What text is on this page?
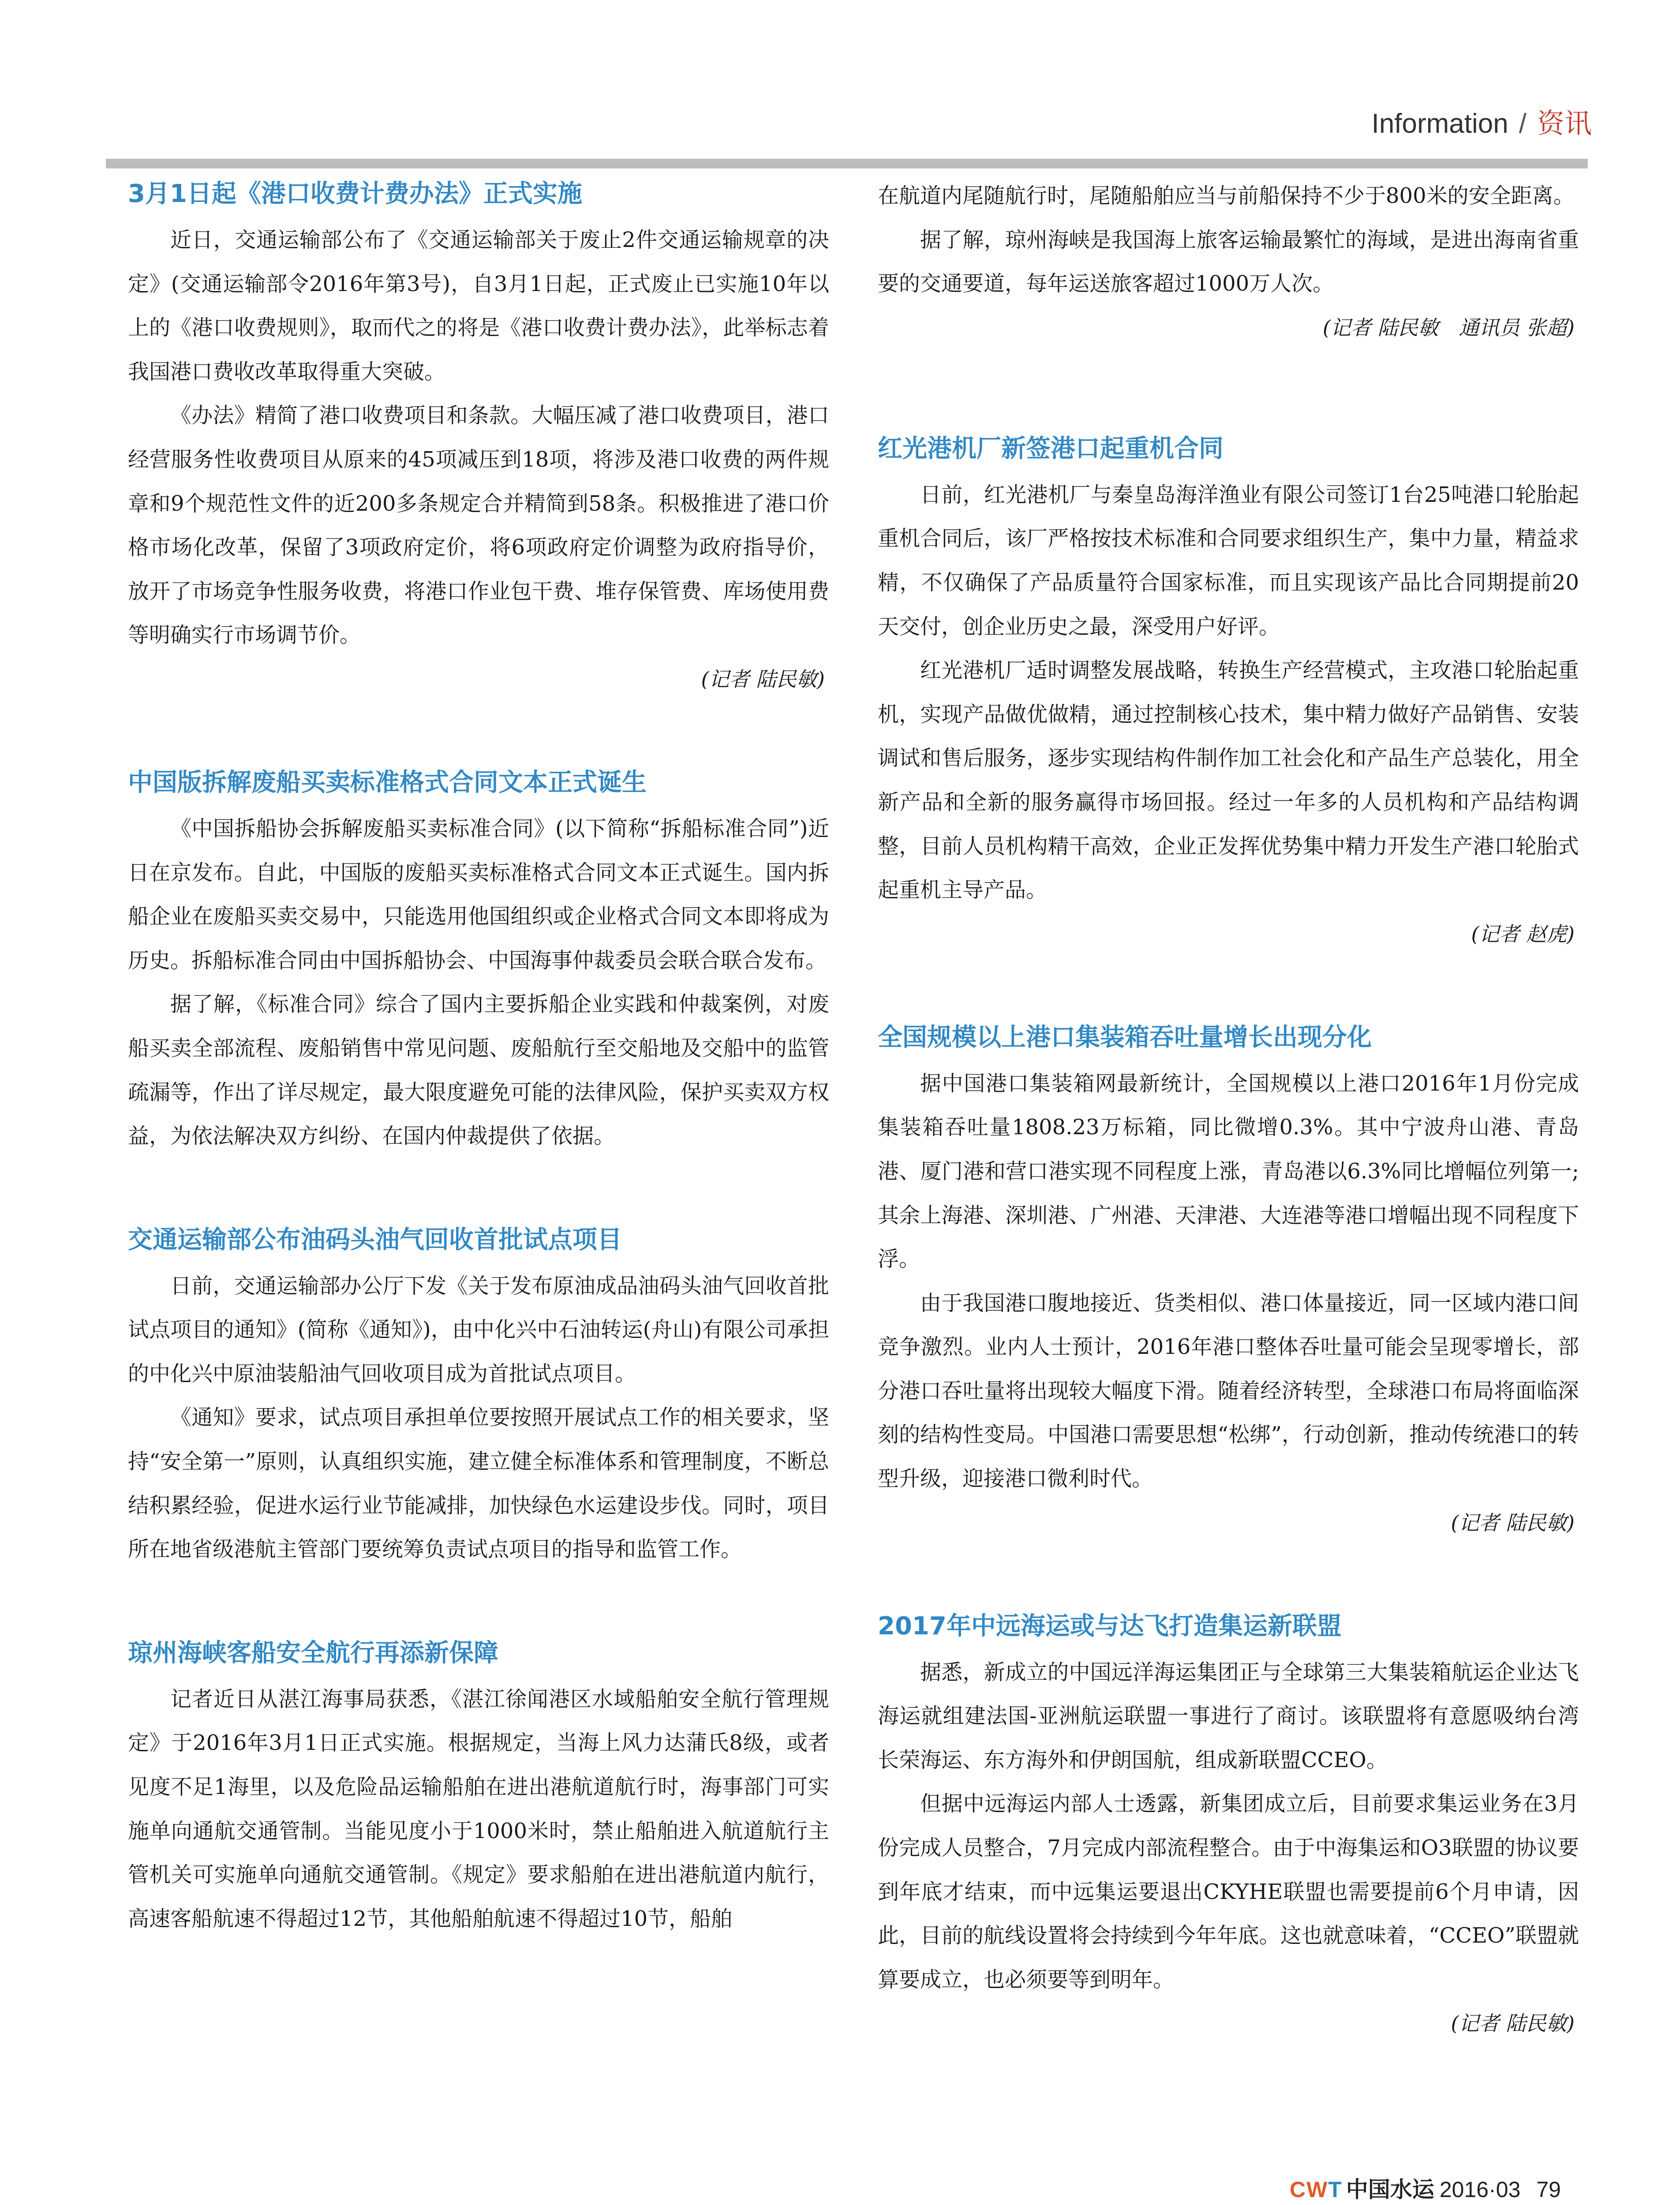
Information / 资讯
3月1日起《港口收费计费办法》正式实施

近日，交通运输部公布了《交通运输部关于废止2件交通运输规章的决定》(交通运输部令2016年第3号)，自3月1日起，正式废止已实施10年以上的《港口收费规则》，取而代之的将是《港口收费计费办法》，此举标志着我国港口费收改革取得重大突破。

《办法》精简了港口收费项目和条款。大幅压减了港口收费项目，港口经营服务性收费项目从原来的45项减压到18项，将涉及港口收费的两件规章和9个规范性文件的近200多条规定合并精简到58条。积极推进了港口价格市场化改革，保留了3项政府定价，将6项政府定价调整为政府指导价，放开了市场竞争性服务收费，将港口作业包干费、堆存保管费、库场使用费等明确实行市场调节价。

(记者 陆民敏)

中国版拆解废船买卖标准格式合同文本正式诞生

《中国拆船协会拆解废船买卖标准合同》(以下简称“拆船标准合同”)近日在京发布。自此，中国版的废船买卖标准格式合同文本正式诞生。国内拆船企业在废船买卖交易中，只能选用他国组织或企业格式合同文本即将成为历史。拆船标准合同由中国拆船协会、中国海事仲裁委员会联合联合发布。

据了解，《标准合同》综合了国内主要拆船企业实践和仲裁案例，对废船买卖全部流程、废船销售中常见问题、废船航行至交船地及交船中的监管疏漏等，作出了详尽规定，最大限度避免可能的法律风险，保护买卖双方权益，为依法解决双方纠纷、在国内仲裁提供了依据。

交通运输部公布油码头油气回收首批试点项目

日前，交通运输部办公厅下发《关于发布原油成品油码头油气回收首批试点项目的通知》(简称《通知》)，由中化兴中石油转运(舟山)有限公司承担的中化兴中原油装船油气回收项目成为首批试点项目。

《通知》要求，试点项目承担单位要按照开展试点工作的相关要求，坚持“安全第一”原则，认真组织实施，建立健全标准体系和管理制度，不断总结积累经验，促进水运行业节能减排，加快绿色水运建设步伐。同时，项目所在地省级港航主管部门要统筹负责试点项目的指导和监管工作。

琼州海峡客船安全航行再添新保障

记者近日从湛江海事局获悉，《湛江徐闻港区水域船舶安全航行管理规定》于2016年3月1日正式实施。根据规定，当海上风力达蒲氏8级，或者见度不足1海里，以及危险品运输船舶在进出港航道航行时，海事部门可实施单向通航交通管制。当能见度小于1000米时，禁止船舶进入航道航行主管机关可实施单向通航交通管制。《规定》要求船舶在进出港航道内航行，高速客船航速不得超过12节，其他船舶航速不得超过10节，船舶

在航道内尾随航行时，尾随船舶应当与前船保持不少于800米的安全距离。

据了解，琼州海峡是我国海上旅客运输最繁忙的海域，是进出海南省重要的交通要道，每年运送旅客超过1000万人次。

(记者 陆民敏　通讯员 张超)

红光港机厂新签港口起重机合同

日前，红光港机厂与秦皇岛海洋渔业有限公司签订1台25吨港口轮胎起重机合同后，该厂严格按技术标准和合同要求组织生产，集中力量，精益求精，不仅确保了产品质量符合国家标准，而且实现该产品比合同期提前20天交付，创企业历史之最，深受用户好评。

红光港机厂适时调整发展战略，转换生产经营模式，主攻港口轮胎起重机，实现产品做优做精，通过控制核心技术，集中精力做好产品销售、安装调试和售后服务，逐步实现结构件制作加工社会化和产品生产总装化，用全新产品和全新的服务赢得市场回报。经过一年多的人员机构和产品结构调整，目前人员机构精干高效，企业正发挥优势集中精力开发生产港口轮胎式起重机主导产品。

(记者 赵虎)

全国规模以上港口集装箱吞吐量增长出现分化

据中国港口集装箱网最新统计，全国规模以上港口2016年1月份完成集装箱吞吐量1808.23万标箱，同比微增0.3%。其中宁波舟山港、青岛港、厦门港和营口港实现不同程度上涨，青岛港以6.3%同比增幅位列第一;其余上海港、深圳港、广州港、天津港、大连港等港口增幅出现不同程度下浮。

由于我国港口腹地接近、货类相似、港口体量接近，同一区域内港口间竞争激烈。业内人士预计，2016年港口整体吞吐量可能会呈现零增长，部分港口吞吐量将出现较大幅度下滑。随着经济转型，全球港口布局将面临深刻的结构性变局。中国港口需要思想“松绑”，行动创新，推动传统港口的转型升级，迎接港口微利时代。

(记者 陆民敏)

2017年中远海运或与达飞打造集运新联盟

据悉，新成立的中国远洋海运集团正与全球第三大集装箱航运企业达飞海运就组建法国-亚洲航运联盟一事进行了商讨。该联盟将有意愿吸纳台湾长荣海运、东方海外和伊朗国航，组成新联盟CCEO。

但据中远海运内部人士透露，新集团成立后，目前要求集运业务在3月份完成人员整合，7月完成内部流程整合。由于中海集运和O3联盟的协议要到年底才结束，而中远集运要退出CKYHE联盟也需要提前6个月申请，因此，目前的航线设置将会持续到今年年底。这也就意味着，“CCEO”联盟就算要成立，也必须要等到明年。

(记者 陆民敏)

CWT 中国水运 2016·03 79
